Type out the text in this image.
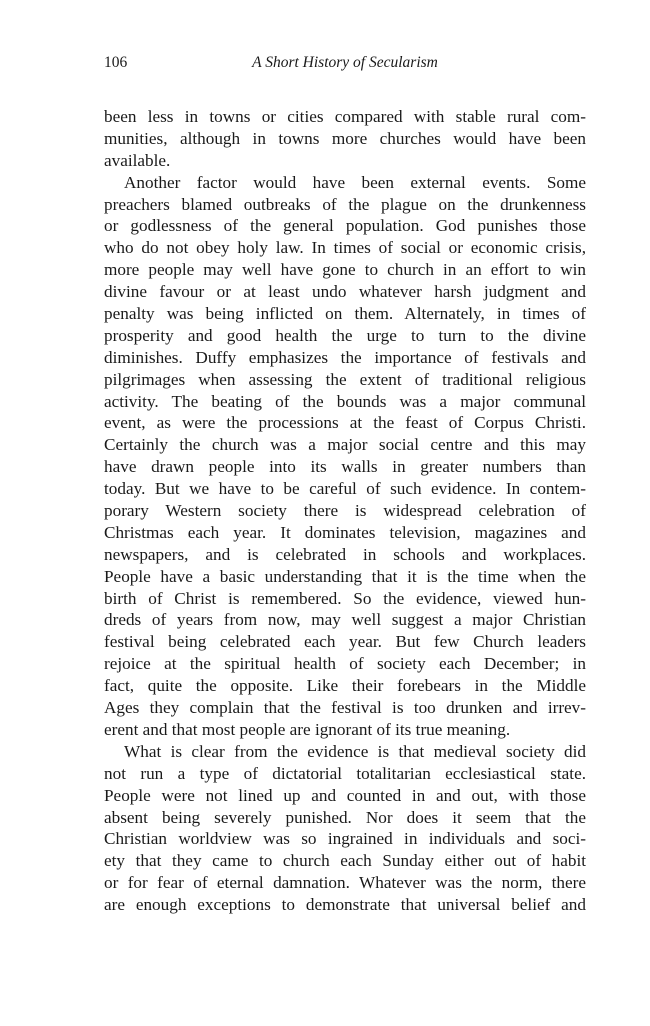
106	A Short History of Secularism
been less in towns or cities compared with stable rural com-
munities, although in towns more churches would have been
available.
Another factor would have been external events. Some
preachers blamed outbreaks of the plague on the drunkenness
or godlessness of the general population. God punishes those
who do not obey holy law. In times of social or economic crisis,
more people may well have gone to church in an effort to win
divine favour or at least undo whatever harsh judgment and
penalty was being inflicted on them. Alternately, in times of
prosperity and good health the urge to turn to the divine
diminishes. Duffy emphasizes the importance of festivals and
pilgrimages when assessing the extent of traditional religious
activity. The beating of the bounds was a major communal
event, as were the processions at the feast of Corpus Christi.
Certainly the church was a major social centre and this may
have drawn people into its walls in greater numbers than
today. But we have to be careful of such evidence. In contem-
porary Western society there is widespread celebration of
Christmas each year. It dominates television, magazines and
newspapers, and is celebrated in schools and workplaces.
People have a basic understanding that it is the time when the
birth of Christ is remembered. So the evidence, viewed hun-
dreds of years from now, may well suggest a major Christian
festival being celebrated each year. But few Church leaders
rejoice at the spiritual health of society each December; in
fact, quite the opposite. Like their forebears in the Middle
Ages they complain that the festival is too drunken and irrev-
erent and that most people are ignorant of its true meaning.
What is clear from the evidence is that medieval society did
not run a type of dictatorial totalitarian ecclesiastical state.
People were not lined up and counted in and out, with those
absent being severely punished. Nor does it seem that the
Christian worldview was so ingrained in individuals and soci-
ety that they came to church each Sunday either out of habit
or for fear of eternal damnation. Whatever was the norm, there
are enough exceptions to demonstrate that universal belief and
